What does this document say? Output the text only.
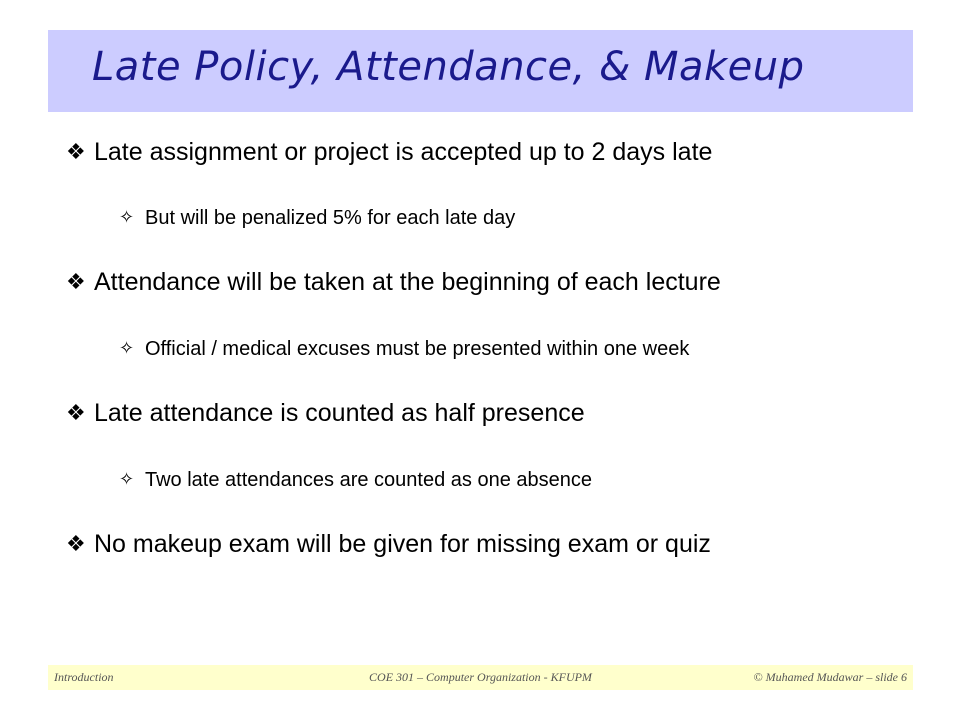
Late Policy, Attendance, & Makeup
❖ Late assignment or project is accepted up to 2 days late
✧ But will be penalized 5% for each late day
❖ Attendance will be taken at the beginning of each lecture
✧ Official / medical excuses must be presented within one week
❖ Late attendance is counted as half presence
✧ Two late attendances are counted as one absence
❖ No makeup exam will be given for missing exam or quiz
Introduction	COE 301 – Computer Organization - KFUPM	© Muhamed Mudawar – slide 6
